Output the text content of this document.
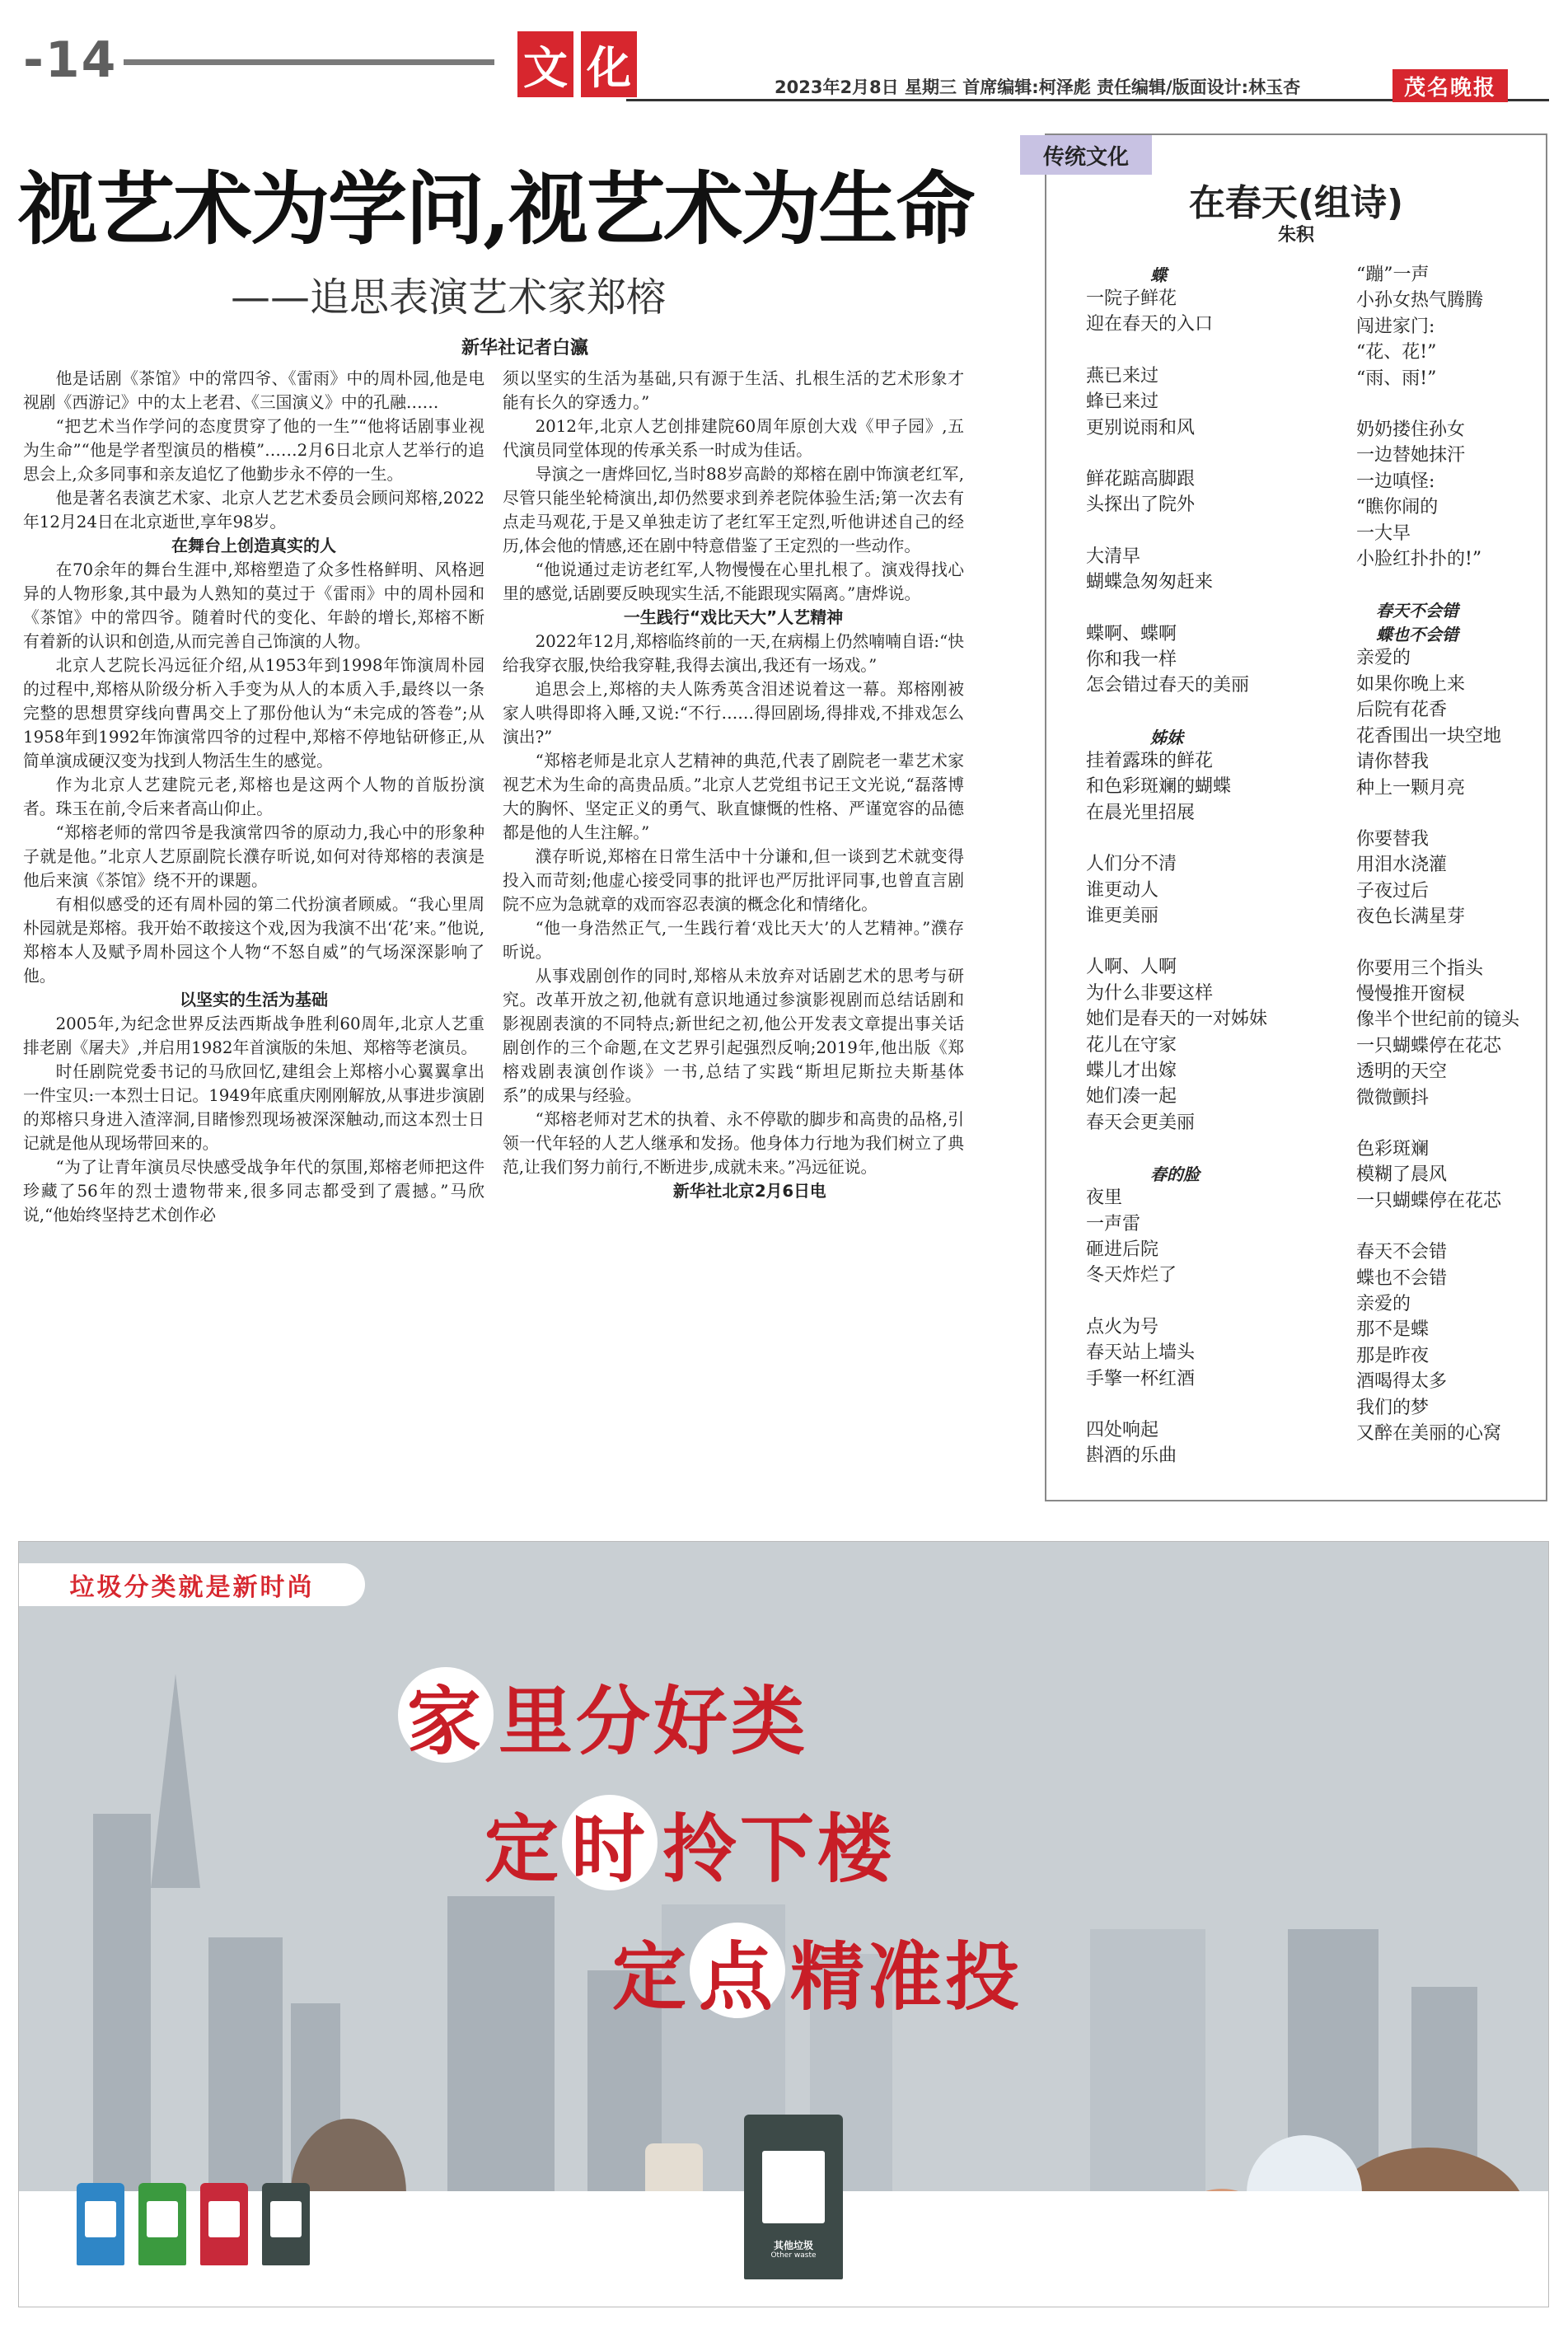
-14	文 化	2023年2月8日 星期三 首席编辑:柯泽彪 责任编辑/版面设计:林玉杏	茂名晚报
视艺术为学问,视艺术为生命
——追思表演艺术家郑榕
新华社记者白瀛

他是话剧《茶馆》中的常四爷、《雷雨》中的周朴园,他是电视剧《西游记》中的太上老君、《三国演义》中的孔融……

“把艺术当作学问的态度贯穿了他的一生”“他将话剧事业视为生命”“他是学者型演员的楷模”……2月6日北京人艺举行的追思会上,众多同事和亲友追忆了他勤步永不停的一生。

他是著名表演艺术家、北京人艺艺术委员会顾问郑榕,2022年12月24日在北京逝世,享年98岁。

在舞台上创造真实的人

在70余年的舞台生涯中,郑榕塑造了众多性格鲜明、风格迥异的人物形象,其中最为人熟知的莫过于《雷雨》中的周朴园和《茶馆》中的常四爷。随着时代的变化、年龄的增长,郑榕不断有着新的认识和创造,从而完善自己饰演的人物。

北京人艺院长冯远征介绍,从1953年到1998年饰演周朴园的过程中,郑榕从阶级分析入手变为从人的本质入手,最终以一条完整的思想贯穿线向曹禺交上了那份他认为“未完成的答卷”;从1958年到1992年饰演常四爷的过程中,郑榕不停地钻研修正,从简单演成硬汉变为找到人物活生生的感觉。

作为北京人艺建院元老,郑榕也是这两个人物的首版扮演者。珠玉在前,令后来者高山仰止。

“郑榕老师的常四爷是我演常四爷的原动力,我心中的形象种子就是他。”北京人艺原副院长濮存昕说,如何对待郑榕的表演是他后来演《茶馆》绕不开的课题。

有相似感受的还有周朴园的第二代扮演者顾威。“我心里周朴园就是郑榕。我开始不敢接这个戏,因为我演不出‘花’来。”他说,郑榕本人及赋予周朴园这个人物“不怒自威”的气场深深影响了他。

以坚实的生活为基础

2005年,为纪念世界反法西斯战争胜利60周年,北京人艺重排老剧《屠夫》,并启用1982年首演版的朱旭、郑榕等老演员。

时任剧院党委书记的马欣回忆,建组会上郑榕小心翼翼拿出一件宝贝:一本烈士日记。1949年底重庆刚刚解放,从事进步演剧的郑榕只身进入渣滓洞,目睹惨烈现场被深深触动,而这本烈士日记就是他从现场带回来的。

“为了让青年演员尽快感受战争年代的氛围,郑榕老师把这件珍藏了56年的烈士遗物带来,很多同志都受到了震撼。”马欣说,“他始终坚持艺术创作必

须以坚实的生活为基础,只有源于生活、扎根生活的艺术形象才能有长久的穿透力。”

2012年,北京人艺创排建院60周年原创大戏《甲子园》,五代演员同堂体现的传承关系一时成为佳话。

导演之一唐烨回忆,当时88岁高龄的郑榕在剧中饰演老红军,尽管只能坐轮椅演出,却仍然要求到养老院体验生活;第一次去有点走马观花,于是又单独走访了老红军王定烈,听他讲述自己的经历,体会他的情感,还在剧中特意借鉴了王定烈的一些动作。

“他说通过走访老红军,人物慢慢在心里扎根了。演戏得找心里的感觉,话剧要反映现实生活,不能跟现实隔离。”唐烨说。

一生践行“戏比天大”人艺精神

2022年12月,郑榕临终前的一天,在病榻上仍然喃喃自语:“快给我穿衣服,快给我穿鞋,我得去演出,我还有一场戏。”

追思会上,郑榕的夫人陈秀英含泪述说着这一幕。郑榕刚被家人哄得即将入睡,又说:“不行……得回剧场,得排戏,不排戏怎么演出?”

“郑榕老师是北京人艺精神的典范,代表了剧院老一辈艺术家视艺术为生命的高贵品质。”北京人艺党组书记王文光说,“磊落博大的胸怀、坚定正义的勇气、耿直慷慨的性格、严谨宽容的品德都是他的人生注解。”

濮存昕说,郑榕在日常生活中十分谦和,但一谈到艺术就变得投入而苛刻;他虚心接受同事的批评也严厉批评同事,也曾直言剧院不应为急就章的戏而容忍表演的概念化和情绪化。

“他一身浩然正气,一生践行着‘戏比天大’的人艺精神。”濮存昕说。

从事戏剧创作的同时,郑榕从未放弃对话剧艺术的思考与研究。改革开放之初,他就有意识地通过参演影视剧而总结话剧和影视剧表演的不同特点;新世纪之初,他公开发表文章提出事关话剧创作的三个命题,在文艺界引起强烈反响;2019年,他出版《郑榕戏剧表演创作谈》一书,总结了实践“斯坦尼斯拉夫斯基体系”的成果与经验。

“郑榕老师对艺术的执着、永不停歇的脚步和高贵的品格,引领一代年轻的人艺人继承和发扬。他身体力行地为我们树立了典范,让我们努力前行,不断进步,成就未来。”冯远征说。

新华社北京2月6日电

传统文化
在春天(组诗)
朱积
蝶
一院子鲜花
迎在春天的入口
燕已来过
蜂已来过
更别说雨和风
鲜花踮高脚跟
头探出了院外
大清早
蝴蝶急匆匆赶来
蝶啊、蝶啊
你和我一样
怎会错过春天的美丽
姊妹
挂着露珠的鲜花
和色彩斑斓的蝴蝶
在晨光里招展
人们分不清
谁更动人
谁更美丽
人啊、人啊
为什么非要这样
她们是春天的一对姊妹
花儿在守家
蝶儿才出嫁
她们凑一起
春天会更美丽
春的脸
夜里
一声雷
砸进后院
冬天炸烂了
点火为号
春天站上墙头
手擎一杯红酒
四处响起
斟酒的乐曲
“蹦”一声
小孙女热气腾腾
闯进家门:
“花、花!”
“雨、雨!”
奶奶搂住孙女
一边替她抹汗
一边嗔怪:
“瞧你闹的
一大早
小脸红扑扑的!”
春天不会错
蝶也不会错
亲爱的
如果你晚上来
后院有花香
花香围出一块空地
请你替我
种上一颗月亮
你要替我
用泪水浇灌
子夜过后
夜色长满星芽
你要用三个指头
慢慢推开窗棂
像半个世纪前的镜头
一只蝴蝶停在花芯
透明的天空
微微颤抖
色彩斑斓
模糊了晨风
一只蝴蝶停在花芯
春天不会错
蝶也不会错
亲爱的
那不是蝶
那是昨夜
酒喝得太多
我们的梦
又醉在美丽的心窝
垃圾分类就是新时尚
家 里分好类
定 时 拎下楼
定 点 精准投
其他垃圾
Other waste
